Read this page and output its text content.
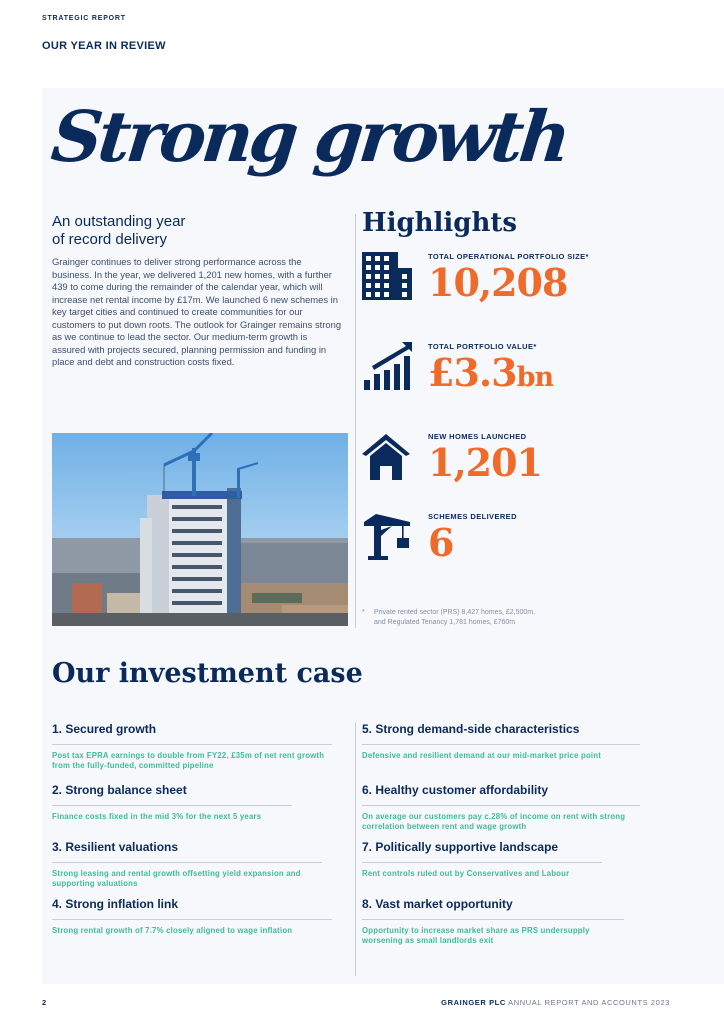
STRATEGIC REPORT
OUR YEAR IN REVIEW
Strong growth
An outstanding year
of record delivery
Grainger continues to deliver strong performance across the business. In the year, we delivered 1,201 new homes, with a further 439 to come during the remainder of the calendar year, which will increase net rental income by £17m. We launched 6 new schemes in key target cities and continued to create communities for our customers to put down roots. The outlook for Grainger remains strong as we continue to lead the sector. Our medium-term growth is assured with projects secured, planning permission and funding in place and debt and construction costs fixed.
Highlights
TOTAL OPERATIONAL PORTFOLIO SIZE*
10,208
TOTAL PORTFOLIO VALUE*
£3.3bn
NEW HOMES LAUNCHED
1,201
SCHEMES DELIVERED
6
* Private rented sector (PRS) 8,427 homes, £2,500m,
and Regulated Tenancy 1,781 homes, £760m
Our investment case
1. Secured growth
Post tax EPRA earnings to double from FY22. £35m of net rent growth from the fully-funded, committed pipeline
2. Strong balance sheet
Finance costs fixed in the mid 3% for the next 5 years
3. Resilient valuations
Strong leasing and rental growth offsetting yield expansion and supporting valuations
4. Strong inflation link
Strong rental growth of 7.7% closely aligned to wage inflation
5. Strong demand-side characteristics
Defensive and resilient demand at our mid-market price point
6. Healthy customer affordability
On average our customers pay c.28% of income on rent with strong correlation between rent and wage growth
7. Politically supportive landscape
Rent controls ruled out by Conservatives and Labour
8. Vast market opportunity
Opportunity to increase market share as PRS undersupply worsening as small landlords exit
2	GRAINGER PLC ANNUAL REPORT AND ACCOUNTS 2023
